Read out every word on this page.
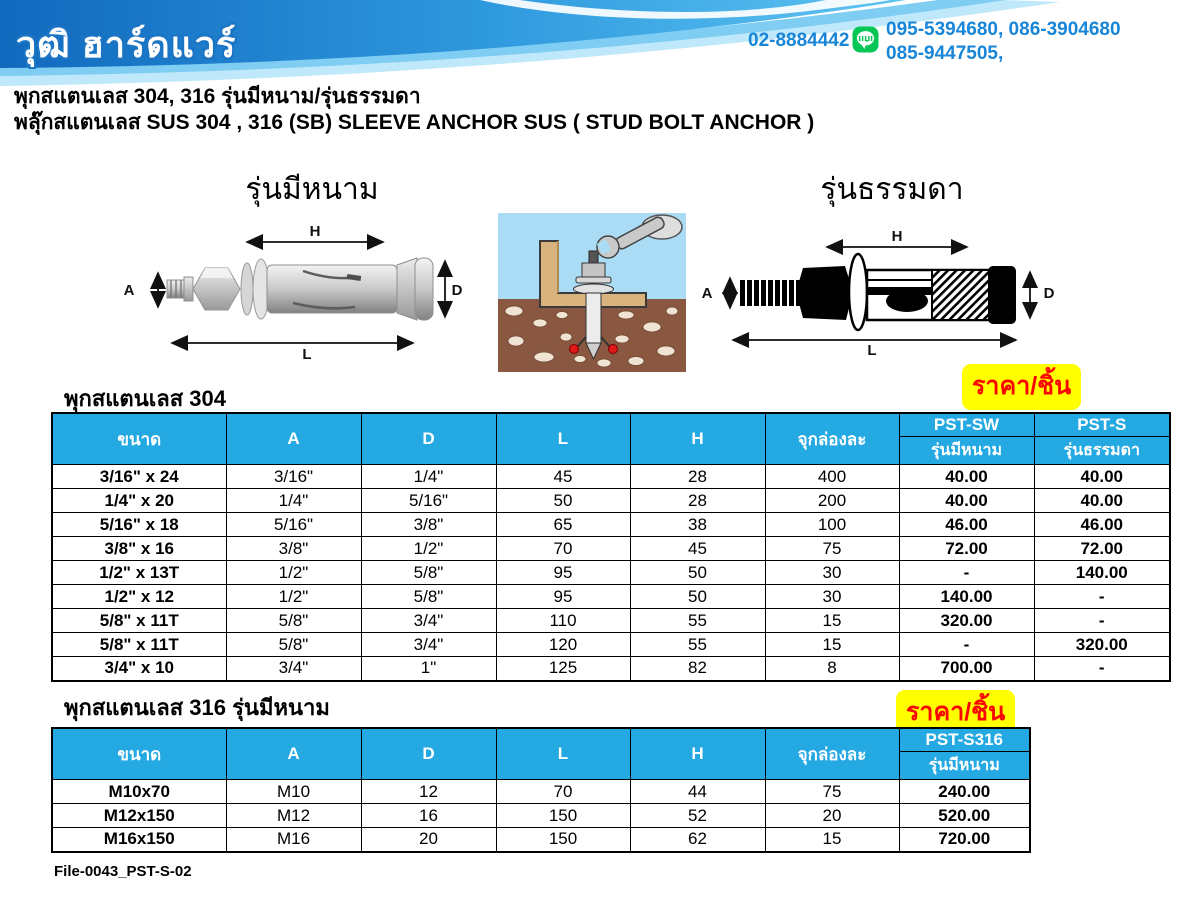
วุฒิ ฮาร์ดแวร์	02-8884442
095-5394680, 086-3904680
085-9447505,
พุกสแตนเลส 304, 316 รุ่นมีหนาม/รุ่นธรรมดา
พลุ๊กสแตนเลส SUS 304 , 316 (SB) SLEEVE ANCHOR SUS ( STUD BOLT ANCHOR )
รุ่นมีหนาม	รุ่นธรรมดา
H
A	D
L
H
A	D
L
พุกสแตนเลส 304	ราคา/ชิ้น
ขนาด	A	D	L	H	จุกล่องละ	PST-SW	PST-S
						รุ่นมีหนาม	รุ่นธรรมดา
3/16" x 24	3/16"	1/4"	45	28	400	40.00	40.00
1/4" x 20	1/4"	5/16"	50	28	200	40.00	40.00
5/16" x 18	5/16"	3/8"	65	38	100	46.00	46.00
3/8" x 16	3/8"	1/2"	70	45	75	72.00	72.00
1/2" x 13T	1/2"	5/8"	95	50	30	-	140.00
1/2" x 12	1/2"	5/8"	95	50	30	140.00	-
5/8" x 11T	5/8"	3/4"	110	55	15	320.00	-
5/8" x 11T	5/8"	3/4"	120	55	15	-	320.00
3/4" x 10	3/4"	1"	125	82	8	700.00	-
พุกสแตนเลส 316 รุ่นมีหนาม	ราคา/ชิ้น
ขนาด	A	D	L	H	จุกล่องละ	PST-S316
						รุ่นมีหนาม
M10x70	M10	12	70	44	75	240.00
M12x150	M12	16	150	52	20	520.00
M16x150	M16	20	150	62	15	720.00
File-0043_PST-S-02
